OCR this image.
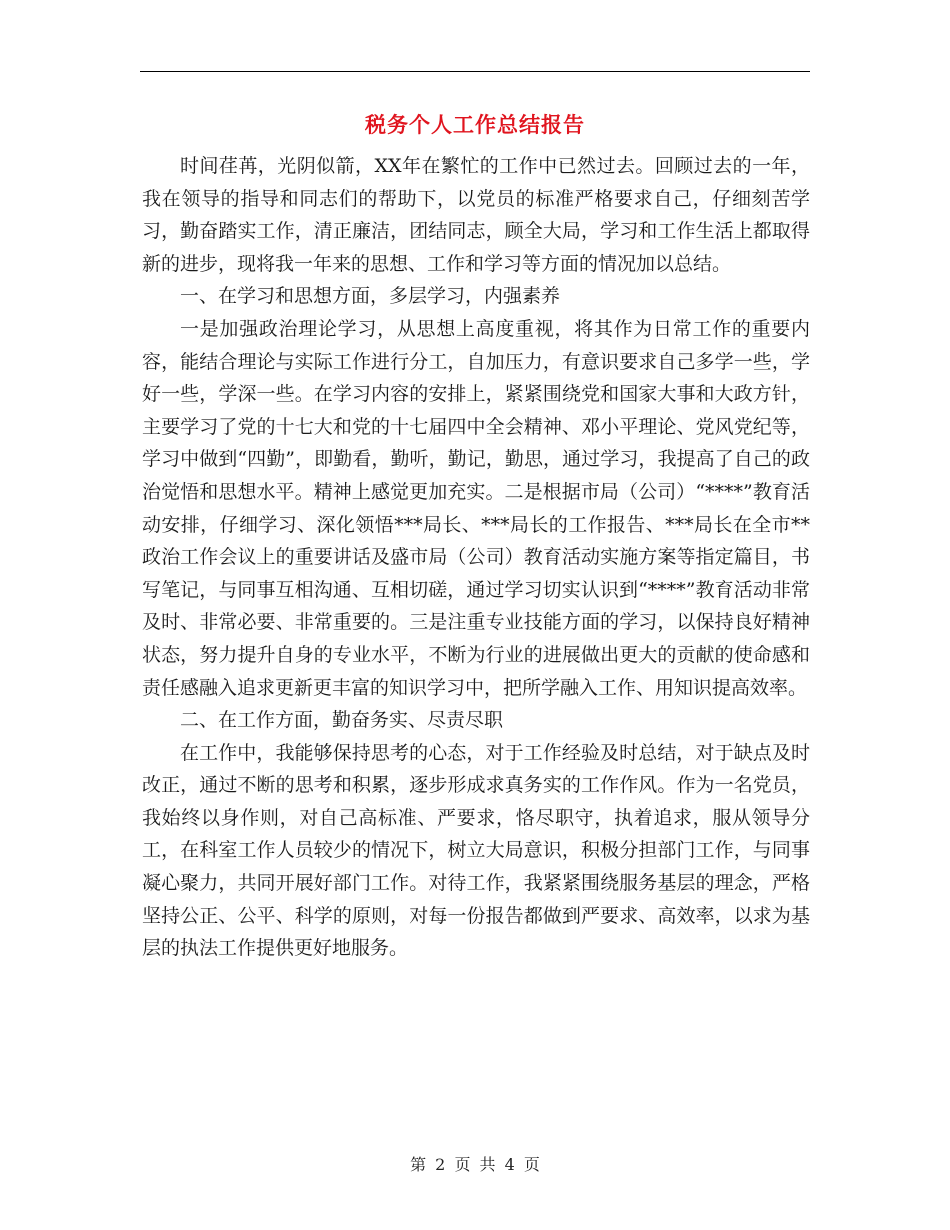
税务个人工作总结报告

时间荏苒，光阴似箭，XX年在繁忙的工作中已然过去。回顾过去的一年，我在领导的指导和同志们的帮助下，以党员的标准严格要求自己，仔细刻苦学习，勤奋踏实工作，清正廉洁，团结同志，顾全大局，学习和工作生活上都取得新的进步，现将我一年来的思想、工作和学习等方面的情况加以总结。

一、在学习和思想方面，多层学习，内强素养

一是加强政治理论学习，从思想上高度重视，将其作为日常工作的重要内容，能结合理论与实际工作进行分工，自加压力，有意识要求自己多学一些，学好一些，学深一些。在学习内容的安排上，紧紧围绕党和国家大事和大政方针，主要学习了党的十七大和党的十七届四中全会精神、邓小平理论、党风党纪等，学习中做到“四勤”，即勤看，勤听，勤记，勤思，通过学习，我提高了自己的政治觉悟和思想水平。精神上感觉更加充实。二是根据市局（公司）“****”教育活动安排，仔细学习、深化领悟***局长、***局长的工作报告、***局长在全市**政治工作会议上的重要讲话及盛市局（公司）教育活动实施方案等指定篇目，书写笔记，与同事互相沟通、互相切磋，通过学习切实认识到“****”教育活动非常及时、非常必要、非常重要的。三是注重专业技能方面的学习，以保持良好精神状态，努力提升自身的专业水平，不断为行业的进展做出更大的贡献的使命感和责任感融入追求更新更丰富的知识学习中，把所学融入工作、用知识提高效率。

二、在工作方面，勤奋务实、尽责尽职

在工作中，我能够保持思考的心态，对于工作经验及时总结，对于缺点及时改正，通过不断的思考和积累，逐步形成求真务实的工作作风。作为一名党员，我始终以身作则，对自己高标准、严要求，恪尽职守，执着追求，服从领导分工，在科室工作人员较少的情况下，树立大局意识，积极分担部门工作，与同事凝心聚力，共同开展好部门工作。对待工作，我紧紧围绕服务基层的理念，严格坚持公正、公平、科学的原则，对每一份报告都做到严要求、高效率，以求为基层的执法工作提供更好地服务。

第 2 页 共 4 页
